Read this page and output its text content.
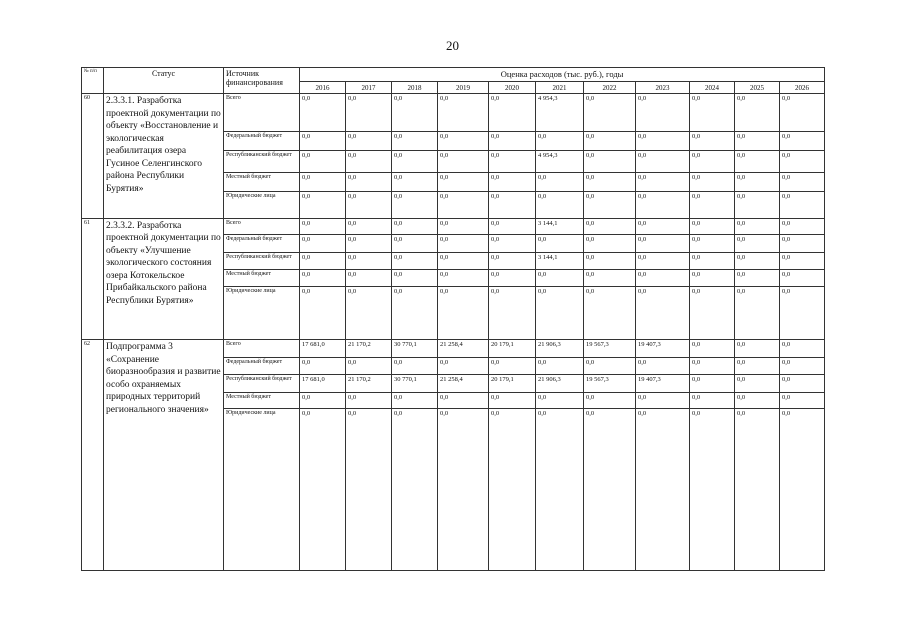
20
№ п/п	Статус	Источник финансирования	Оценка расходов (тыс. руб.), годы										
			2016	2017	2018	2019	2020	2021	2022	2023	2024	2025	2026
60	2.3.3.1. Разработка проектной документации по объекту «Восстановление и экологическая реабилитация озера Гусиное Селенгинского района Республики Бурятия»	Всего	0,0	0,0	0,0	0,0	0,0	4 954,3	0,0	0,0	0,0	0,0	0,0
		Федеральный бюджет	0,0	0,0	0,0	0,0	0,0	0,0	0,0	0,0	0,0	0,0	0,0
		Республиканский бюджет	0,0	0,0	0,0	0,0	0,0	4 954,3	0,0	0,0	0,0	0,0	0,0
		Местный бюджет	0,0	0,0	0,0	0,0	0,0	0,0	0,0	0,0	0,0	0,0	0,0
		Юридические лица	0,0	0,0	0,0	0,0	0,0	0,0	0,0	0,0	0,0	0,0	0,0
61	2.3.3.2. Разработка проектной документации по объекту «Улучшение экологического состояния озера Котокельское Прибайкальского района Республики Бурятия»	Всего	0,0	0,0	0,0	0,0	0,0	3 144,1	0,0	0,0	0,0	0,0	0,0
		Федеральный бюджет	0,0	0,0	0,0	0,0	0,0	0,0	0,0	0,0	0,0	0,0	0,0
		Республиканский бюджет	0,0	0,0	0,0	0,0	0,0	3 144,1	0,0	0,0	0,0	0,0	0,0
		Местный бюджет	0,0	0,0	0,0	0,0	0,0	0,0	0,0	0,0	0,0	0,0	0,0
		Юридические лица	0,0	0,0	0,0	0,0	0,0	0,0	0,0	0,0	0,0	0,0	0,0
62	Подпрограмма 3 «Сохранение биоразнообразия и развитие особо охраняемых природных территорий регионального значения»	Всего	17 681,0	21 170,2	30 770,1	21 258,4	20 179,1	21 906,3	19 567,3	19 407,3	0,0	0,0	0,0
		Федеральный бюджет	0,0	0,0	0,0	0,0	0,0	0,0	0,0	0,0	0,0	0,0	0,0
		Республиканский бюджет	17 681,0	21 170,2	30 770,1	21 258,4	20 179,1	21 906,3	19 567,3	19 407,3	0,0	0,0	0,0
		Местный бюджет	0,0	0,0	0,0	0,0	0,0	0,0	0,0	0,0	0,0	0,0	0,0
		Юридические лица	0,0	0,0	0,0	0,0	0,0	0,0	0,0	0,0	0,0	0,0	0,0
